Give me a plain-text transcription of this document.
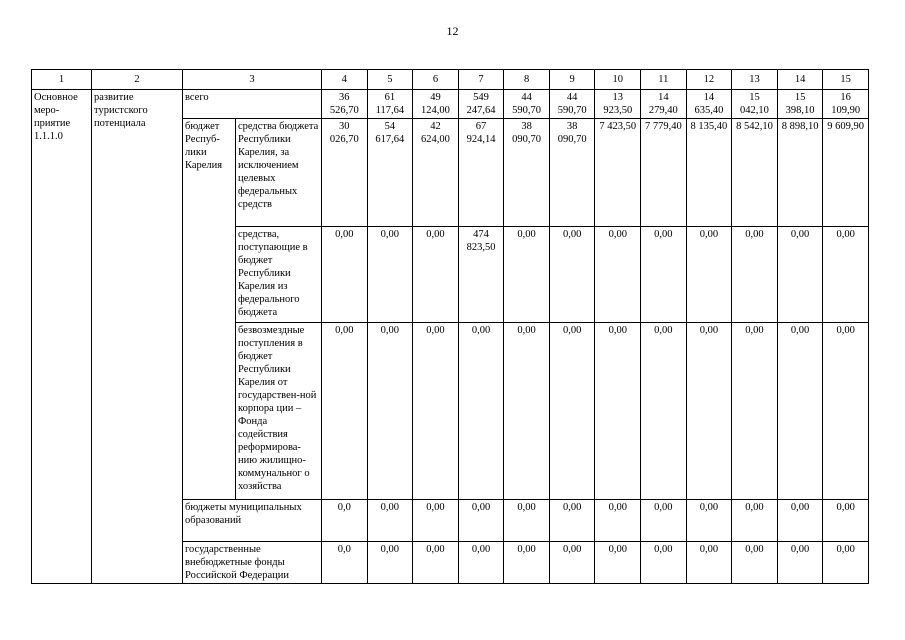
12
1	2	3		4	5	6	7	8	9	10	11	12	13	14	15
Основное меро-приятие 1.1.1.0	развитие туристского потенциала	всего		36 526,70	61 117,64	49 124,00	549 247,64	44 590,70	44 590,70	13 923,50	14 279,40	14 635,40	15 042,10	15 398,10	16 109,90
		бюджет Респуб-лики Карелия	средства бюджета Республики Карелия, за исключением целевых федеральных средств	30 026,70	54 617,64	42 624,00	67 924,14	38 090,70	38 090,70	7 423,50	7 779,40	8 135,40	8 542,10	8 898,10	9 609,90
			средства, поступающие в бюджет Республики Карелия из федерального бюджета	0,00	0,00	0,00	474 823,50	0,00	0,00	0,00	0,00	0,00	0,00	0,00	0,00
			безвозмездные поступления в бюджет Республики Карелия от государствен-ной корпора ции – Фонда содействия реформирова-нию жилищно-коммунальног о хозяйства	0,00	0,00	0,00	0,00	0,00	0,00	0,00	0,00	0,00	0,00	0,00	0,00
		бюджеты муниципальных образований		0,0	0,00	0,00	0,00	0,00	0,00	0,00	0,00	0,00	0,00	0,00	0,00
		государственные внебюджетные фонды Российской Федерации		0,0	0,00	0,00	0,00	0,00	0,00	0,00	0,00	0,00	0,00	0,00	0,00
